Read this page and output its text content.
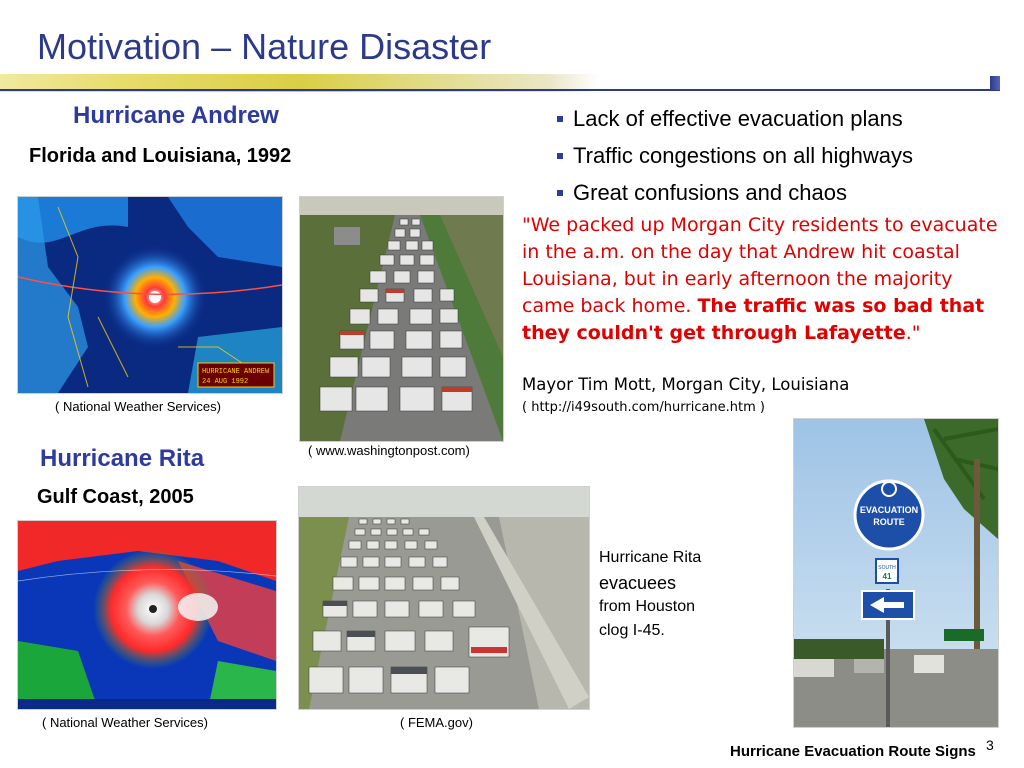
Motivation – Nature Disaster
Hurricane Andrew
Florida and Louisiana, 1992
HURRICANE ANDREW
24 AUG 1992
( National Weather Services)
( www.washingtonpost.com)
Hurricane Rita
Gulf Coast, 2005
( National Weather Services)	( FEMA.gov)
Hurricane Rita
evacuees
from Houston
clog I-45.
Lack of effective evacuation plans
Traffic congestions on all highways
Great confusions and chaos
"We packed up Morgan City residents to evacuate in the a.m. on the day that Andrew hit coastal Louisiana, but in early afternoon the majority came back home. The traffic was so bad that they couldn't get through Lafayette."
Mayor Tim Mott, Morgan City, Louisiana
( http://i49south.com/hurricane.htm )
EVACUATION
ROUTE
SOUTH
41
3
Hurricane Evacuation Route Signs
